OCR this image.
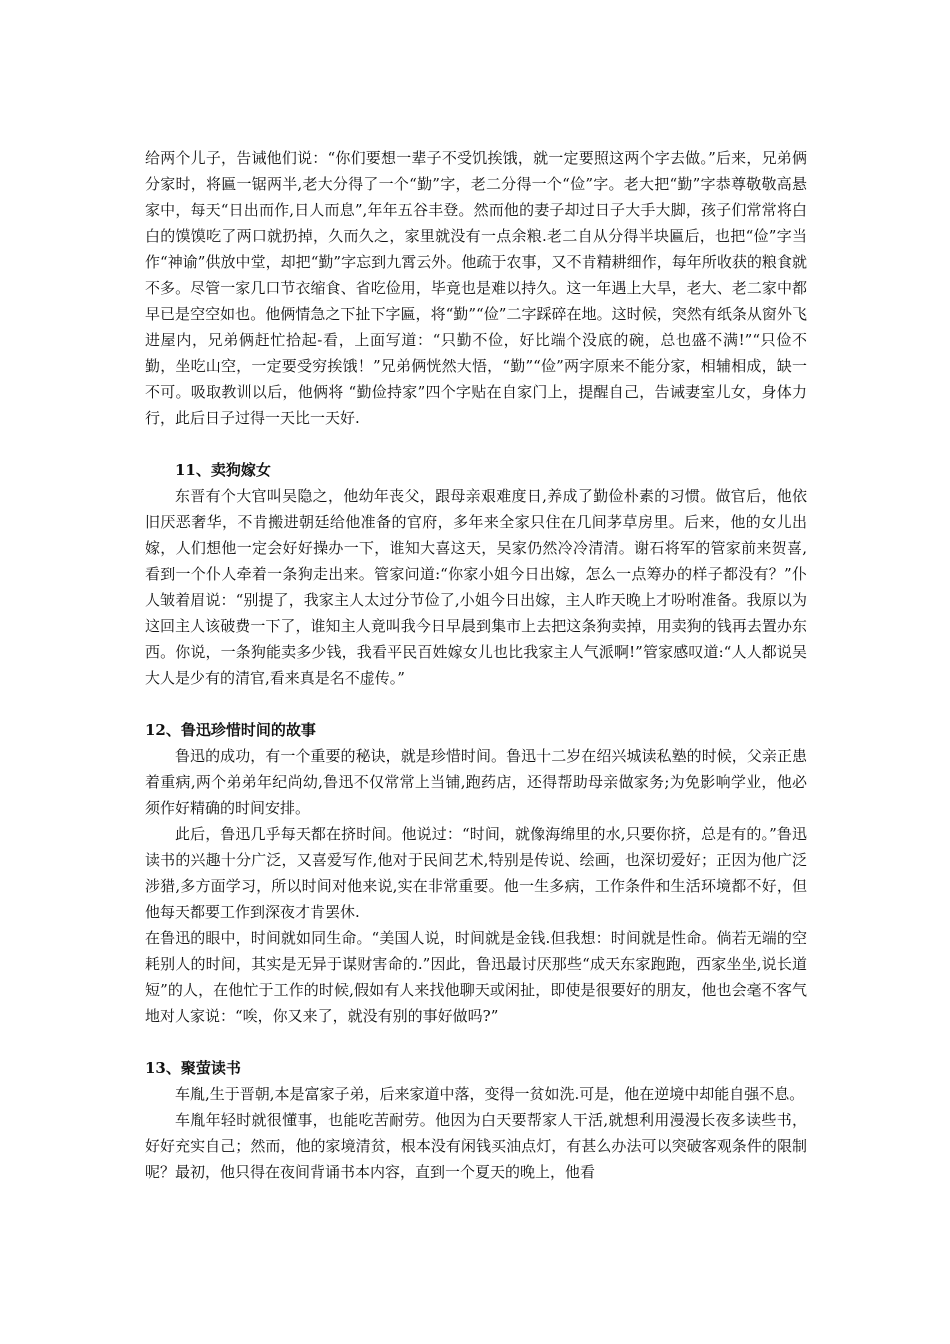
给两个儿子，告诫他们说：“你们要想一辈子不受饥挨饿，就一定要照这两个字去做。”后来，兄弟俩分家时，将匾一锯两半,老大分得了一个“勤”字，老二分得一个“俭”字。老大把“勤”字恭尊敬敬高悬家中，每天“日出而作,日人而息”,年年五谷丰登。然而他的妻子却过日子大手大脚，孩子们常常将白白的馍馍吃了两口就扔掉，久而久之，家里就没有一点余粮.老二自从分得半块匾后，也把“俭”字当作“神谕”供放中堂，却把“勤”字忘到九霄云外。他疏于农事，又不肯精耕细作，每年所收获的粮食就不多。尽管一家几口节衣缩食、省吃俭用，毕竟也是难以持久。这一年遇上大旱，老大、老二家中都早已是空空如也。他俩情急之下扯下字匾，将“勤”“俭”二字踩碎在地。这时候，突然有纸条从窗外飞进屋内，兄弟俩赶忙拾起-看，上面写道：“只勤不俭，好比端个没底的碗，总也盛不满!”“只俭不勤，坐吃山空，一定要受穷挨饿！”兄弟俩恍然大悟，“勤”“俭”两字原来不能分家，相辅相成，缺一不可。吸取教训以后，他俩将 “勤俭持家”四个字贴在自家门上，提醒自己，告诫妻室儿女，身体力行，此后日子过得一天比一天好.

11、卖狗嫁女

东晋有个大官叫吴隐之，他幼年丧父，跟母亲艰难度日,养成了勤俭朴素的习惯。做官后，他依旧厌恶奢华，不肯搬进朝廷给他准备的官府，多年来全家只住在几间茅草房里。后来，他的女儿出嫁，人们想他一定会好好操办一下，谁知大喜这天，吴家仍然冷冷清清。谢石将军的管家前来贺喜,看到一个仆人牵着一条狗走出来。管家问道:“你家小姐今日出嫁，怎么一点筹办的样子都没有？”仆人皱着眉说：“别提了，我家主人太过分节俭了,小姐今日出嫁，主人昨天晚上才吩咐准备。我原以为这回主人该破费一下了，谁知主人竟叫我今日早晨到集市上去把这条狗卖掉，用卖狗的钱再去置办东西。你说，一条狗能卖多少钱，我看平民百姓嫁女儿也比我家主人气派啊!”管家感叹道:“人人都说吴大人是少有的清官,看来真是名不虚传。”

12、鲁迅珍惜时间的故事

鲁迅的成功，有一个重要的秘诀，就是珍惜时间。鲁迅十二岁在绍兴城读私塾的时候，父亲正患着重病,两个弟弟年纪尚幼,鲁迅不仅常常上当铺,跑药店，还得帮助母亲做家务;为免影响学业，他必须作好精确的时间安排。

此后，鲁迅几乎每天都在挤时间。他说过：“时间，就像海绵里的水,只要你挤，总是有的。”鲁迅读书的兴趣十分广泛，又喜爱写作,他对于民间艺术,特别是传说、绘画，也深切爱好；正因为他广泛涉猎,多方面学习，所以时间对他来说,实在非常重要。他一生多病，工作条件和生活环境都不好，但他每天都要工作到深夜才肯罢休.

在鲁迅的眼中，时间就如同生命。“美国人说，时间就是金钱.但我想：时间就是性命。倘若无端的空耗别人的时间，其实是无异于谋财害命的.”因此，鲁迅最讨厌那些“成天东家跑跑，西家坐坐,说长道短”的人，在他忙于工作的时候,假如有人来找他聊天或闲扯，即使是很要好的朋友，他也会毫不客气地对人家说：“唉，你又来了，就没有别的事好做吗?”

13、聚萤读书

车胤,生于晋朝,本是富家子弟，后来家道中落，变得一贫如洗.可是，他在逆境中却能自强不息。

车胤年轻时就很懂事，也能吃苦耐劳。他因为白天要帮家人干活,就想利用漫漫长夜多读些书，好好充实自己；然而，他的家境清贫，根本没有闲钱买油点灯，有甚么办法可以突破客观条件的限制呢？最初，他只得在夜间背诵书本内容，直到一个夏天的晚上，他看
